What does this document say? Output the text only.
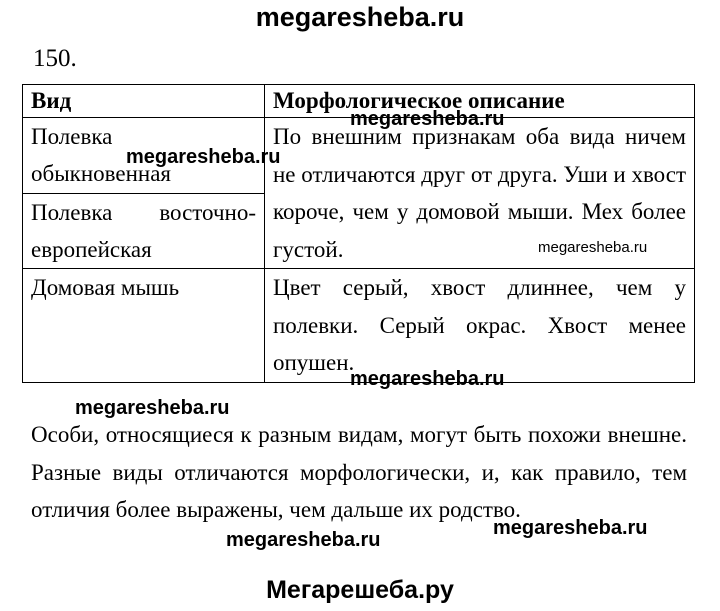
megaresheba.ru
150.
Вид	Морфологическое описание
Полевка
обыкновенная	По внешним признакам оба вида ничем не отличаются друг от друга. Уши и хвост короче, чем у домовой мыши. Мех более густой.

Полевка восточно-
европейская	

Домовая мышь	Цвет серый, хвост длиннее, чем у полевки. Серый окрас. Хвост менее опушен.
Особи, относящиеся к разным видам, могут быть похожи внешне. Разные виды отличаются морфологически, и, как правило, тем отличия более выражены, чем дальше их родство.
megaresheba.ru
megaresheba.ru
megaresheba.ru
megaresheba.ru
megaresheba.ru
megaresheba.ru
megaresheba.ru
Мегарешеба.ру
